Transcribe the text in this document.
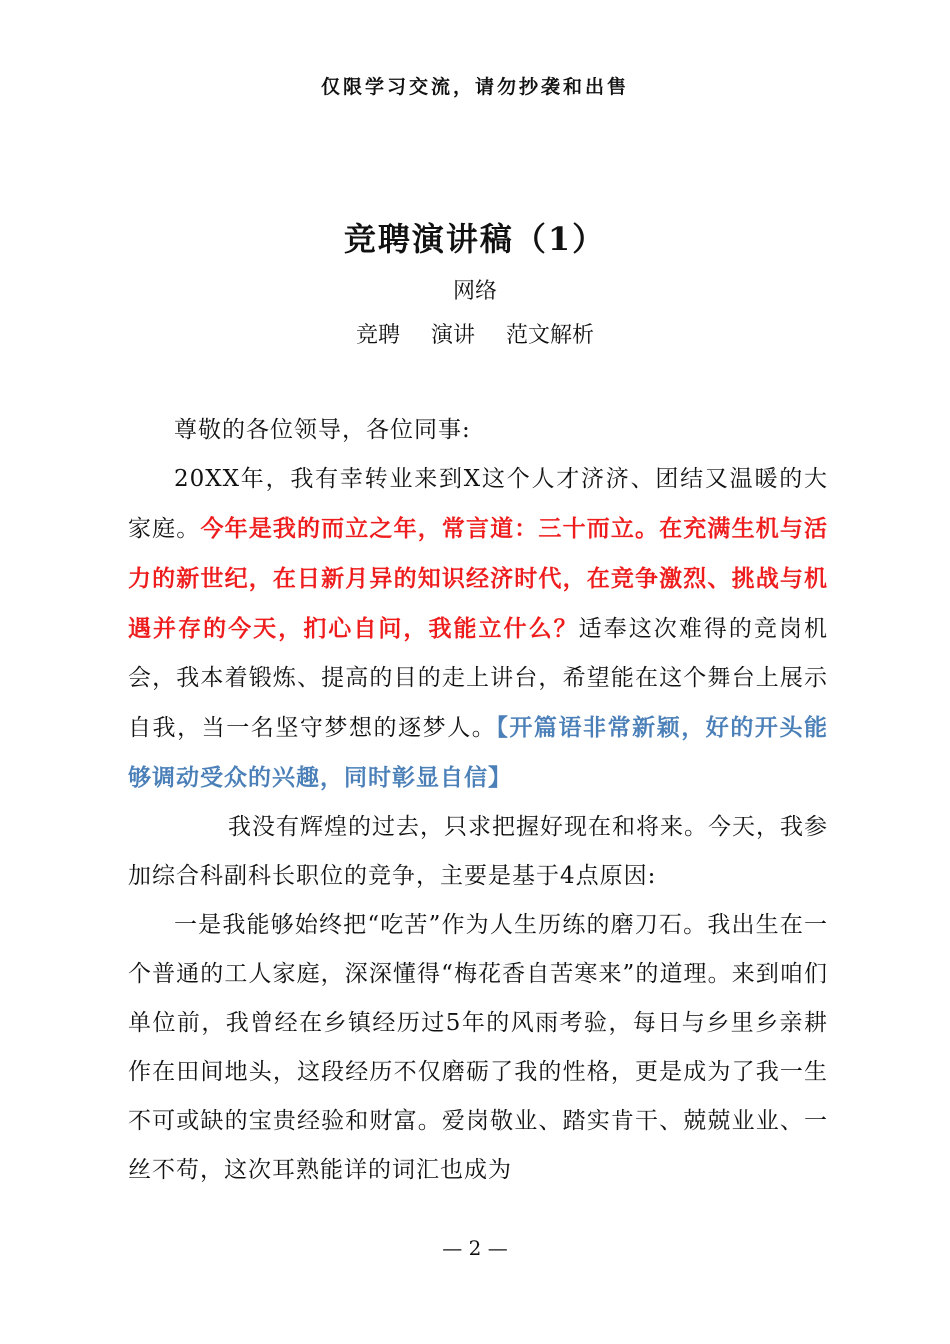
仅限学习交流，请勿抄袭和出售
竞聘演讲稿（1）
网络
竞聘 演讲 范文解析

尊敬的各位领导，各位同事:

20XX年，我有幸转业来到X这个人才济济、团结又温暖的大家庭。今年是我的而立之年，常言道：三十而立。在充满生机与活力的新世纪，在日新月异的知识经济时代，在竞争激烈、挑战与机遇并存的今天，扪心自问，我能立什么？适奉这次难得的竞岗机会，我本着锻炼、提高的目的走上讲台，希望能在这个舞台上展示自我，当一名坚守梦想的逐梦人。【开篇语非常新颖，好的开头能够调动受众的兴趣，同时彰显自信】

我没有辉煌的过去，只求把握好现在和将来。今天，我参加综合科副科长职位的竞争，主要是基于4点原因:

一是我能够始终把“吃苦”作为人生历练的磨刀石。我出生在一个普通的工人家庭，深深懂得“梅花香自苦寒来”的道理。来到咱们单位前，我曾经在乡镇经历过5年的风雨考验，每日与乡里乡亲耕作在田间地头，这段经历不仅磨砺了我的性格，更是成为了我一生不可或缺的宝贵经验和财富。爱岗敬业、踏实肯干、兢兢业业、一丝不苟，这次耳熟能详的词汇也成为

— 2 —
